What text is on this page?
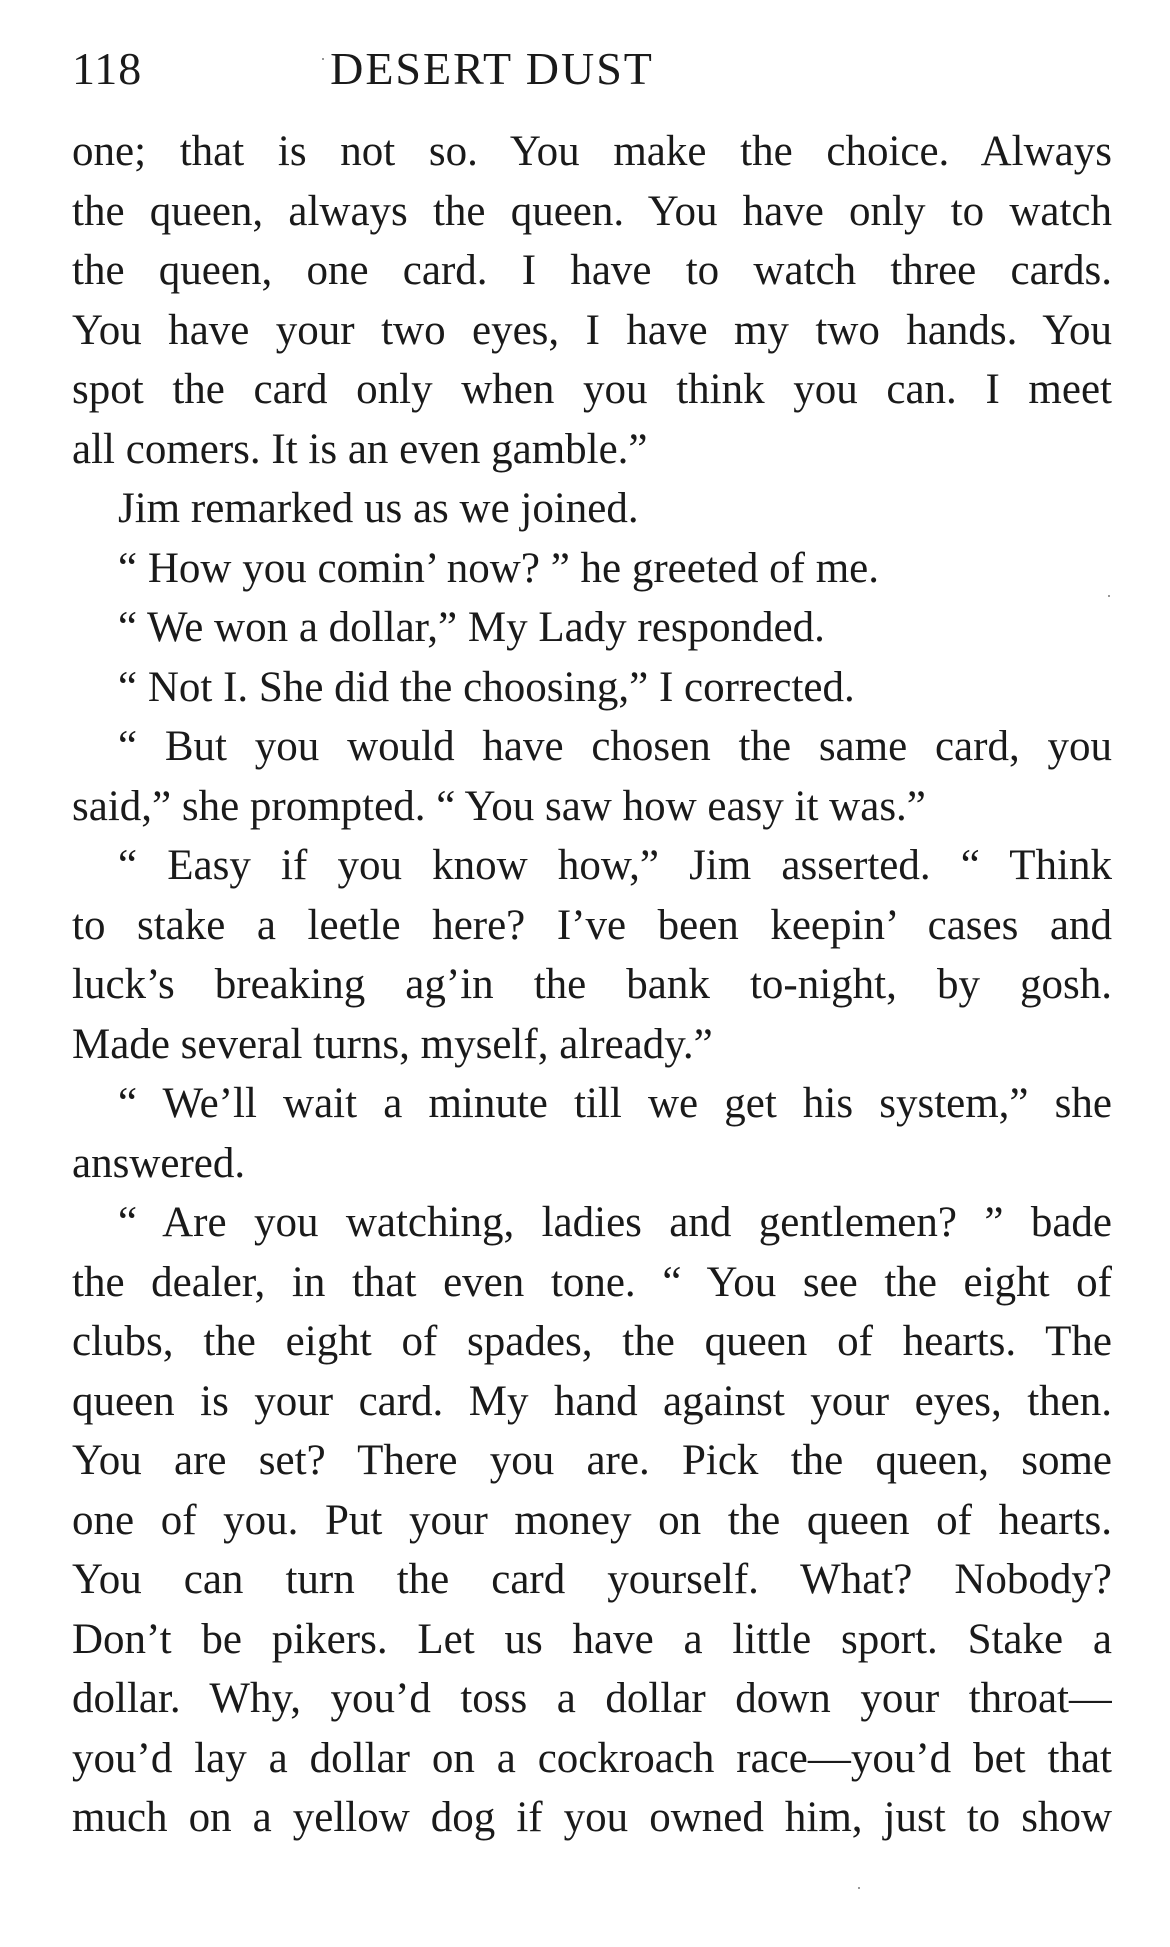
118	DESERT DUST
one; that is not so. You make the choice. Always
the queen, always the queen. You have only to watch
the queen, one card. I have to watch three cards.
You have your two eyes, I have my two hands. You
spot the card only when you think you can. I meet
all comers. It is an even gamble.”
Jim remarked us as we joined.
“ How you comin’ now? ” he greeted of me.
“ We won a dollar,” My Lady responded.
“ Not I. She did the choosing,” I corrected.
“ But you would have chosen the same card, you
said,” she prompted. “ You saw how easy it was.”
“ Easy if you know how,” Jim asserted. “ Think
to stake a leetle here? I’ve been keepin’ cases and
luck’s breaking ag’in the bank to-night, by gosh.
Made several turns, myself, already.”
“ We’ll wait a minute till we get his system,” she
answered.
“ Are you watching, ladies and gentlemen? ” bade
the dealer, in that even tone. “ You see the eight of
clubs, the eight of spades, the queen of hearts. The
queen is your card. My hand against your eyes, then.
You are set? There you are. Pick the queen, some
one of you. Put your money on the queen of hearts.
You can turn the card yourself. What? Nobody?
Don’t be pikers. Let us have a little sport. Stake a
dollar. Why, you’d toss a dollar down your throat—
you’d lay a dollar on a cockroach race—you’d bet that
much on a yellow dog if you owned him, just to show
